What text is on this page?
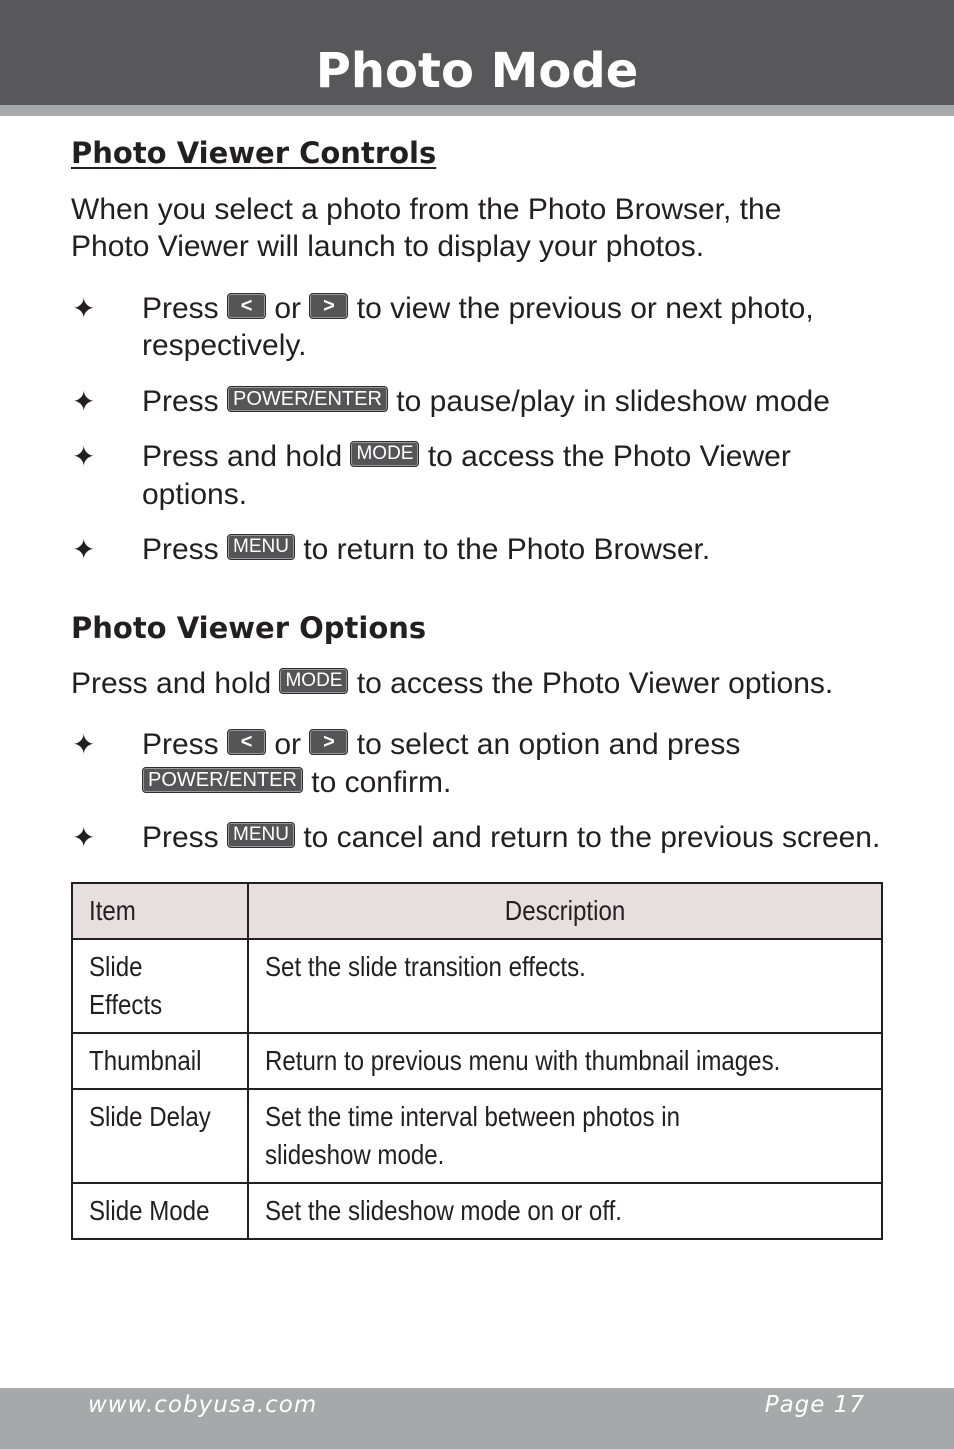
Photo Mode
Photo Viewer Controls
When you select a photo from the Photo Browser, the
Photo Viewer will launch to display your photos.
✦ Press < or > to view the previous or next photo,
respectively.
✦ Press POWER/ENTER to pause/play in slideshow mode
✦ Press and hold MODE to access the Photo Viewer
options.
✦ Press MENU to return to the Photo Browser.
Photo Viewer Options
Press and hold MODE to access the Photo Viewer options.
✦ Press < or > to select an option and press
POWER/ENTER to confirm.
✦ Press MENU to cancel and return to the previous screen.
Item	Description
Slide Effects	Set the slide transition effects.
Thumbnail	Return to previous menu with thumbnail images.
Slide Delay	Set the time interval between photos in slideshow mode.
Slide Mode	Set the slideshow mode on or off.
www.cobyusa.com	Page 17
